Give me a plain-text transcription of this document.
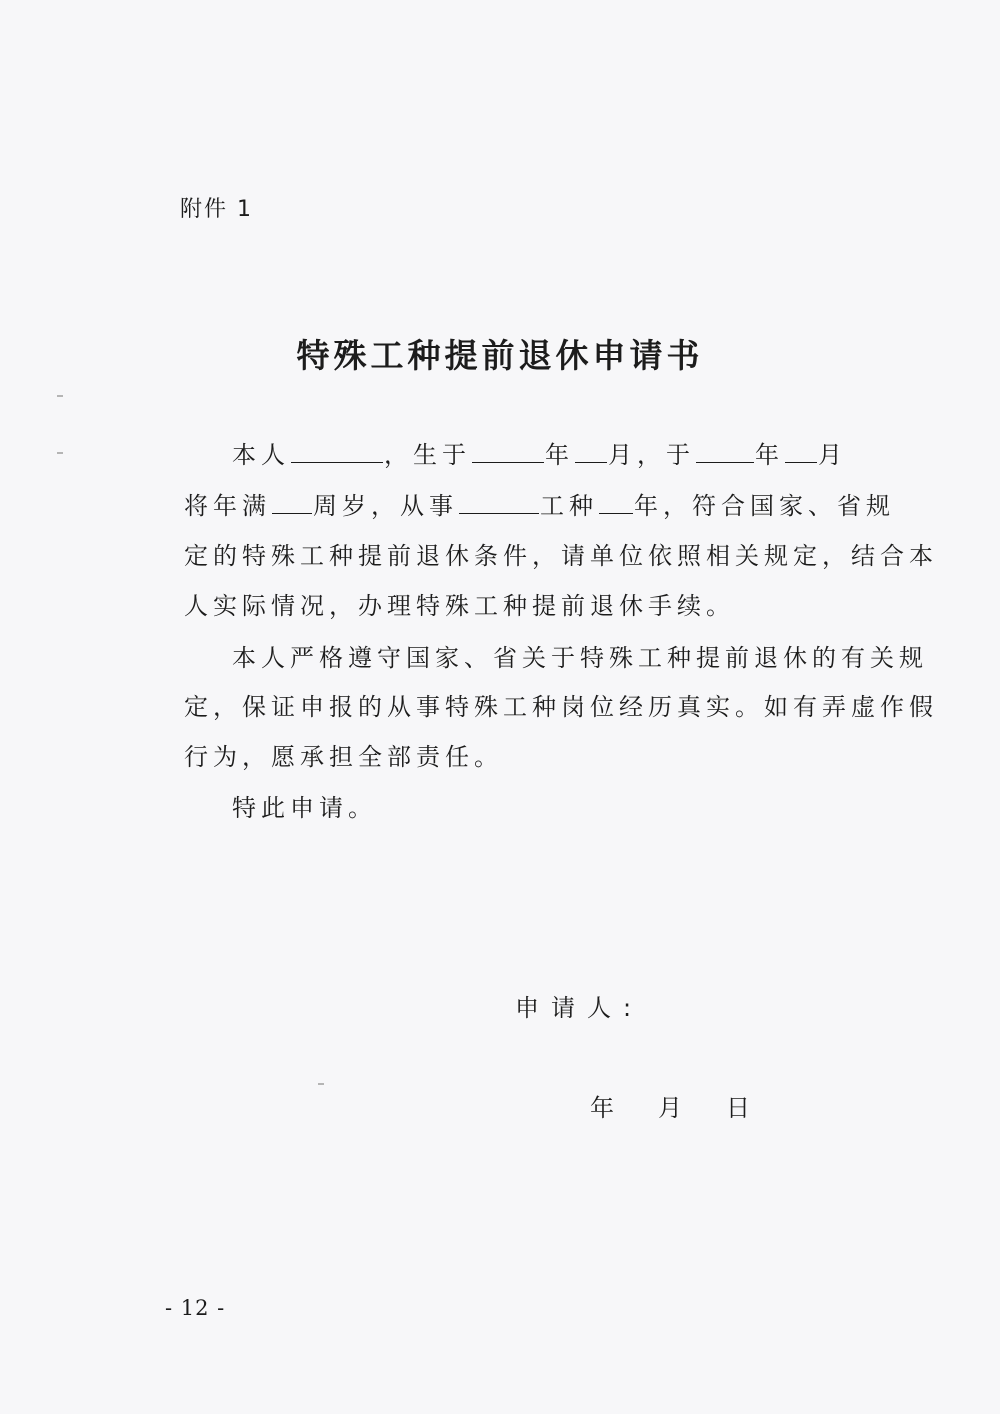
附件 1
特殊工种提前退休申请书
本人	，生于	年 月，于	年 月
将年满 周岁，从事	工种 年，符合国家、省规
定的特殊工种提前退休条件，请单位依照相关规定，结合本
人实际情况，办理特殊工种提前退休手续。
本人严格遵守国家、省关于特殊工种提前退休的有关规
定，保证申报的从事特殊工种岗位经历真实。如有弄虚作假
行为，愿承担全部责任。
特此申请。
申请人:
年 月 日
- 12 -
